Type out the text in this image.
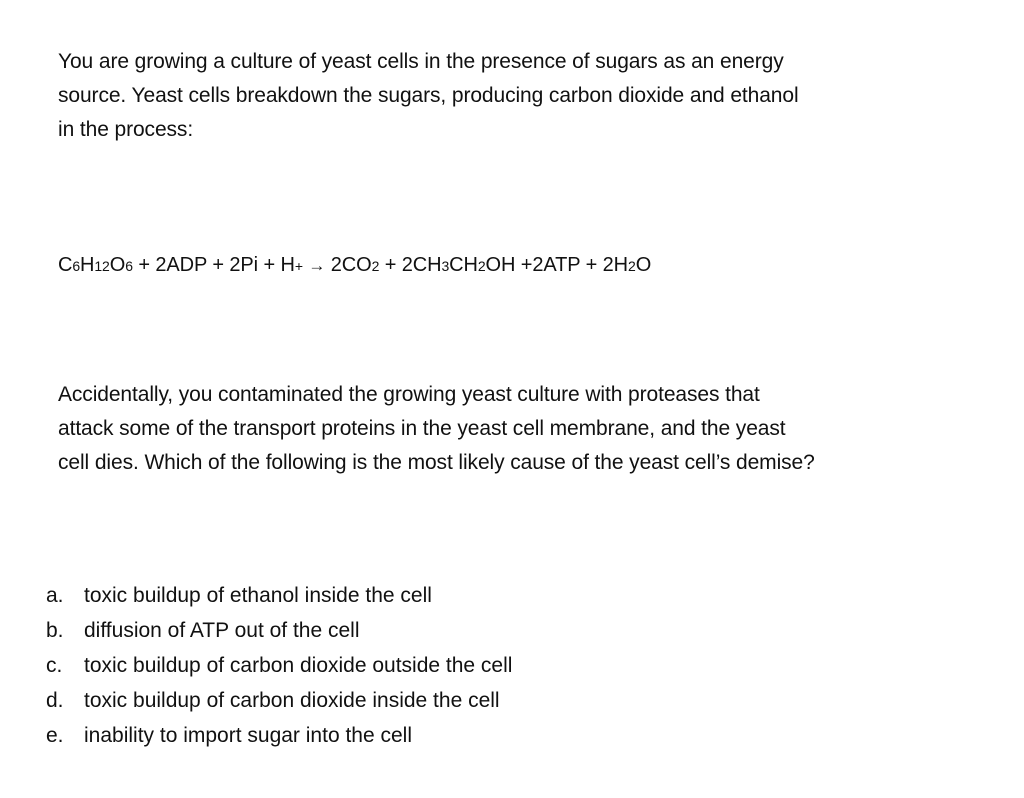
You are growing a culture of yeast cells in the presence of sugars as an energy
source. Yeast cells breakdown the sugars, producing carbon dioxide and ethanol
in the process:
C6H12O6 + 2ADP + 2Pi + H+ → 2CO2 + 2CH3CH2OH +2ATP + 2H2O
Accidentally, you contaminated the growing yeast culture with proteases that
attack some of the transport proteins in the yeast cell membrane, and the yeast
cell dies. Which of the following is the most likely cause of the yeast cell’s demise?
a. toxic buildup of ethanol inside the cell
b. diffusion of ATP out of the cell
c. toxic buildup of carbon dioxide outside the cell
d. toxic buildup of carbon dioxide inside the cell
e. inability to import sugar into the cell
